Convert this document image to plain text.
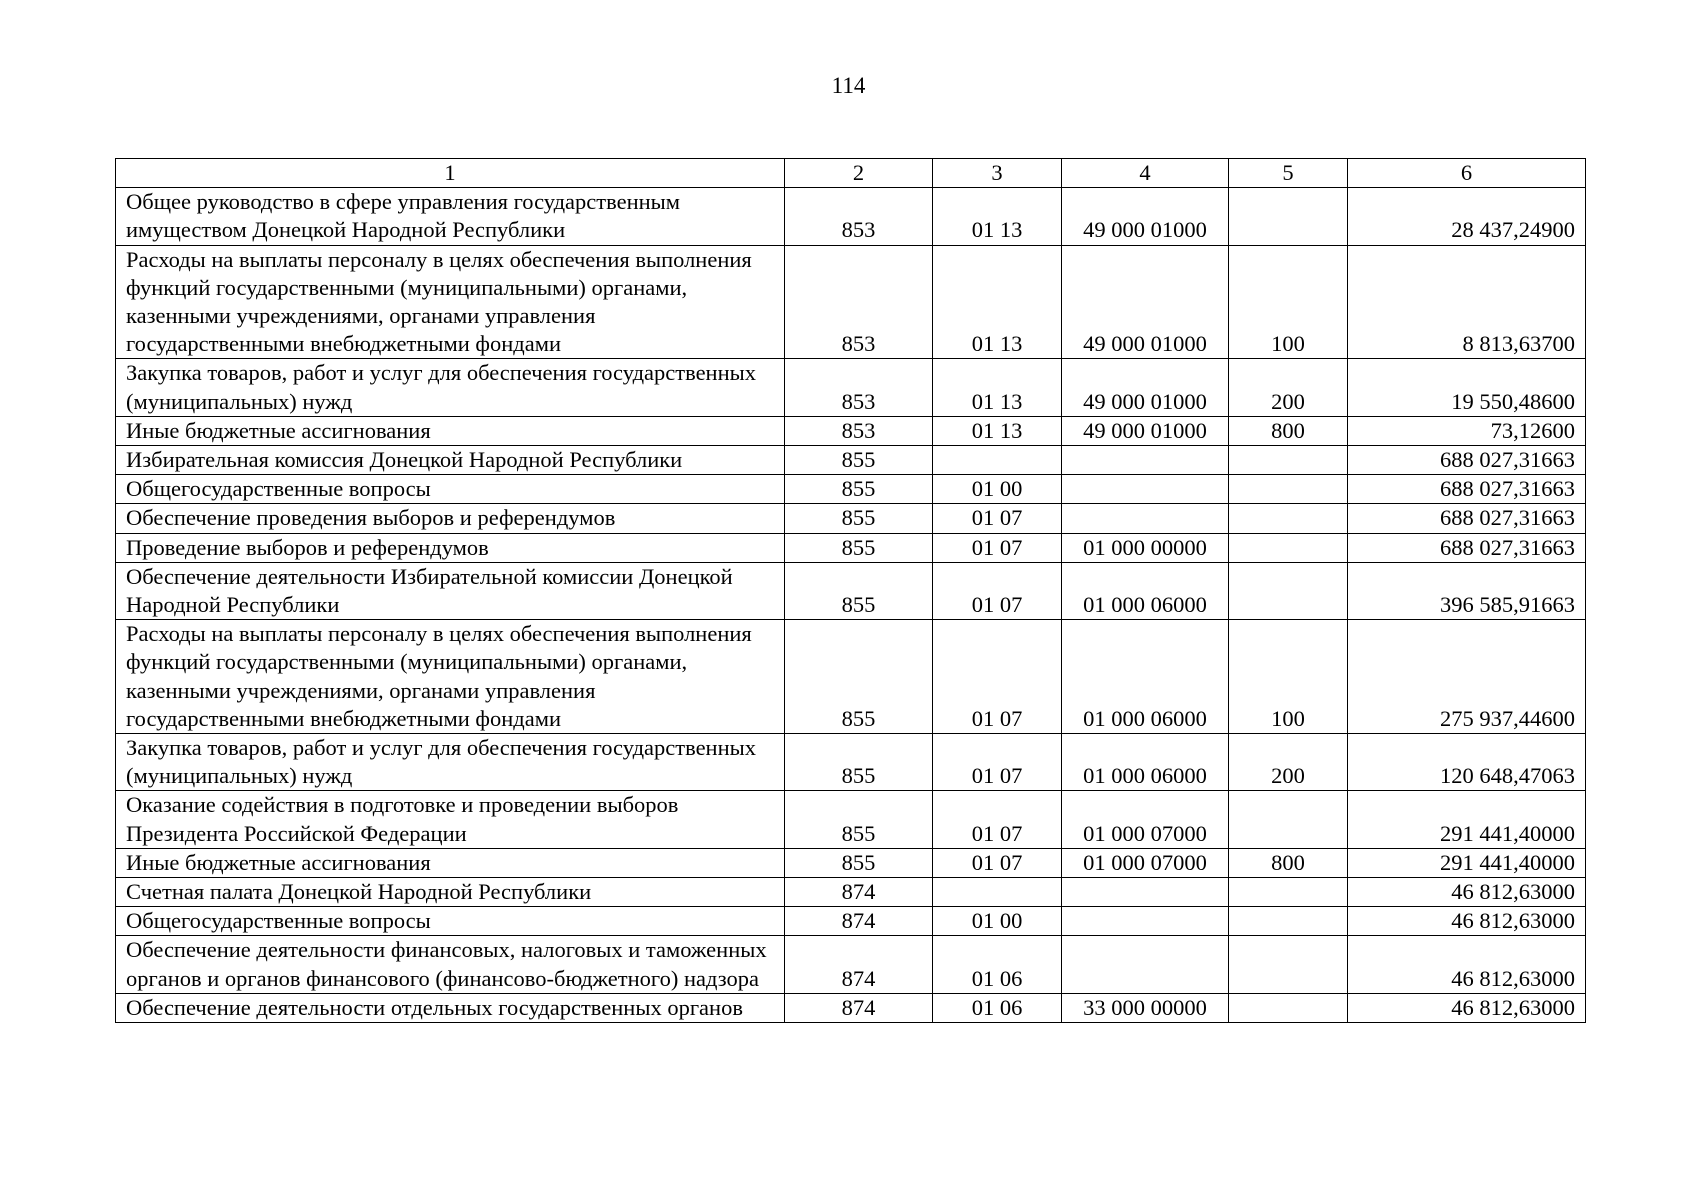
114
1	2	3	4	5	6
Общее руководство в сфере управления государственным имуществом Донецкой Народной Республики	853	01 13	49 000 01000		28 437,24900
Расходы на выплаты персоналу в целях обеспечения выполнения функций государственными (муниципальными) органами, казенными учреждениями, органами управления государственными внебюджетными фондами	853	01 13	49 000 01000	100	8 813,63700
Закупка товаров, работ и услуг для обеспечения государственных (муниципальных) нужд	853	01 13	49 000 01000	200	19 550,48600
Иные бюджетные ассигнования	853	01 13	49 000 01000	800	73,12600
Избирательная комиссия Донецкой Народной Республики	855				688 027,31663
Общегосударственные вопросы	855	01 00			688 027,31663
Обеспечение проведения выборов и референдумов	855	01 07			688 027,31663
Проведение выборов и референдумов	855	01 07	01 000 00000		688 027,31663
Обеспечение деятельности Избирательной комиссии Донецкой Народной Республики	855	01 07	01 000 06000		396 585,91663
Расходы на выплаты персоналу в целях обеспечения выполнения функций государственными (муниципальными) органами, казенными учреждениями, органами управления государственными внебюджетными фондами	855	01 07	01 000 06000	100	275 937,44600
Закупка товаров, работ и услуг для обеспечения государственных (муниципальных) нужд	855	01 07	01 000 06000	200	120 648,47063
Оказание содействия в подготовке и проведении выборов Президента Российской Федерации	855	01 07	01 000 07000		291 441,40000
Иные бюджетные ассигнования	855	01 07	01 000 07000	800	291 441,40000
Счетная палата Донецкой Народной Республики	874				46 812,63000
Общегосударственные вопросы	874	01 00			46 812,63000
Обеспечение деятельности финансовых, налоговых и таможенных органов и органов финансового (финансово-бюджетного) надзора	874	01 06			46 812,63000
Обеспечение деятельности отдельных государственных органов	874	01 06	33 000 00000		46 812,63000
